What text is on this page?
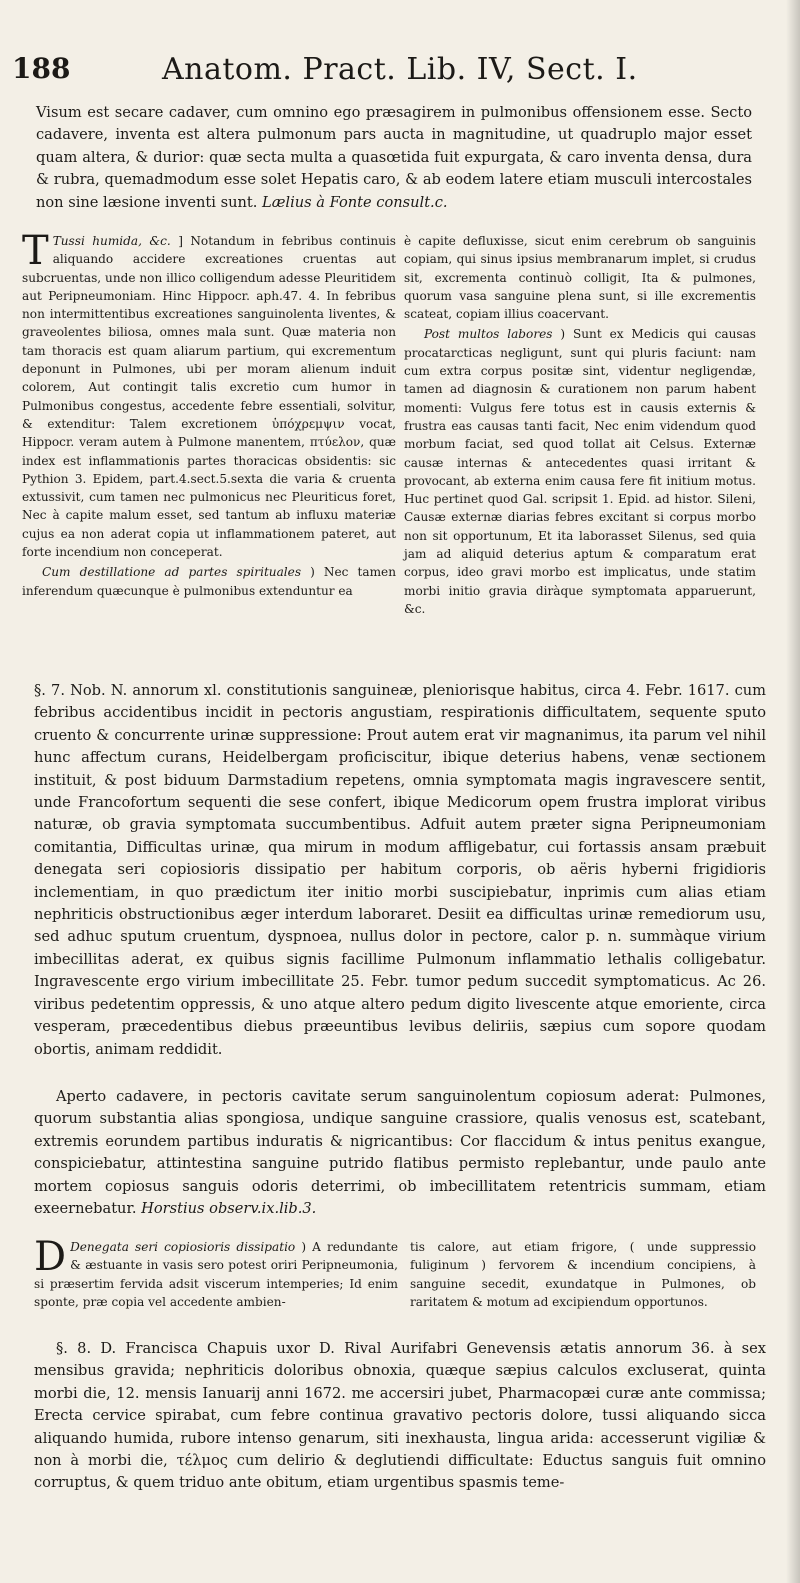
188	Anatom. Pract. Lib. IV, Sect. I.
Visum est secare cadaver, cum omnino ego præsagirem in pulmonibus offensionem esse. Secto cadavere, inventa est altera pulmonum pars aucta in magnitudine, ut quadruplo major esset quam altera, & durior: quæ secta multa a quasœtida fuit expurgata, & caro inventa densa, dura & rubra, quemadmodum esse solet Hepatis caro, & ab eodem latere etiam musculi intercostales non sine læsione inventi sunt. Lælius à Fonte consult.c.

T Tussi humida, &c. ] Notandum in febribus continuis aliquando accidere excreationes cruentas aut subcruentas, unde non illico colligendum adesse Pleuritidem aut Peripneumoniam. Hinc Hippocr. aph.47. 4. In febribus non intermittentibus excreationes sanguinolenta liventes, & graveolentes biliosa, omnes mala sunt. Quæ materia non tam thoracis est quam aliarum partium, qui excrementum deponunt in Pulmones, ubi per moram alienum induit colorem, Aut contingit talis excretio cum humor in Pulmonibus congestus, accedente febre essentiali, solvitur, & extenditur: Talem excretionem ὑπόχρεμψιν vocat, Hippocr. veram autem à Pulmone manentem, πτύελον, quæ index est inflammationis partes thoracicas obsidentis: sic Pythion 3. Epidem, part.4.sect.5.sexta die varia & cruenta extussivit, cum tamen nec pulmonicus nec Pleuriticus foret, Nec à capite malum esset, sed tantum ab influxu materiæ cujus ea non aderat copia ut inflammationem pateret, aut forte incendium non conceperat.

Cum destillatione ad partes spirituales ) Nec tamen inferendum quæcunque è pulmonibus extenduntur ea

è capite defluxisse, sicut enim cerebrum ob sanguinis copiam, qui sinus ipsius membranarum implet, si crudus sit, excrementa continuò colligit, Ita & pulmones, quorum vasa sanguine plena sunt, si ille excrementis scateat, copiam illius coacervant.

Post multos labores ) Sunt ex Medicis qui causas procatarcticas negligunt, sunt qui pluris faciunt: nam cum extra corpus positæ sint, videntur negligendæ, tamen ad diagnosin & curationem non parum habent momenti: Vulgus fere totus est in causis externis & frustra eas causas tanti facit, Nec enim videndum quod morbum faciat, sed quod tollat ait Celsus. Externæ causæ internas & antecedentes quasi irritant & provocant, ab externa enim causa fere fit initium motus. Huc pertinet quod Gal. scripsit 1. Epid. ad histor. Sileni, Causæ externæ diarias febres excitant si corpus morbo non sit opportunum, Et ita laborasset Silenus, sed quia jam ad aliquid deterius aptum & comparatum erat corpus, ideo gravi morbo est implicatus, unde statim morbi initio gravia diràque symptomata apparuerunt, &c.

§. 7. Nob. N. annorum xl. constitutionis sanguineæ, pleniorisque habitus, circa 4. Febr. 1617. cum febribus accidentibus incidit in pectoris angustiam, respirationis difficultatem, sequente sputo cruento & concurrente urinæ suppressione: Prout autem erat vir magnanimus, ita parum vel nihil hunc affectum curans, Heidelbergam proficiscitur, ibique deterius habens, venæ sectionem instituit, & post biduum Darmstadium repetens, omnia symptomata magis ingravescere sentit, unde Francofortum sequenti die sese confert, ibique Medicorum opem frustra implorat viribus naturæ, ob gravia symptomata succumbentibus. Adfuit autem præter signa Peripneumoniam comitantia, Difficultas urinæ, qua mirum in modum affligebatur, cui fortassis ansam præbuit denegata seri copiosioris dissipatio per habitum corporis, ob aëris hyberni frigidioris inclementiam, in quo prædictum iter initio morbi suscipiebatur, inprimis cum alias etiam nephriticis obstructionibus æger interdum laboraret. Desiit ea difficultas urinæ remediorum usu, sed adhuc sputum cruentum, dyspnoea, nullus dolor in pectore, calor p. n. summàque virium imbecillitas aderat, ex quibus signis facillime Pulmonum inflammatio lethalis colligebatur. Ingravescente ergo virium imbecillitate 25. Febr. tumor pedum succedit symptomaticus. Ac 26. viribus pedetentim oppressis, & uno atque altero pedum digito livescente atque emoriente, circa vesperam, præcedentibus diebus præeuntibus levibus deliriis, sæpius cum sopore quodam obortis, animam reddidit.
Aperto cadavere, in pectoris cavitate serum sanguinolentum copiosum aderat: Pulmones, quorum substantia alias spongiosa, undique sanguine crassiore, qualis venosus est, scatebant, extremis eorundem partibus induratis & nigricantibus: Cor flaccidum & intus penitus exangue, conspiciebatur, attintestina sanguine putrido flatibus permisto replebantur, unde paulo ante mortem copiosus sanguis odoris deterrimi, ob imbecillitatem retentricis summam, etiam exeernebatur. Horstius observ.ix.lib.3.

D Denegata seri copiosioris dissipatio ) A redundante & æstuante in vasis sero potest oriri Peripneumonia, si præsertim fervida adsit viscerum intemperies; Id enim sponte, præ copia vel accedente ambien-

tis calore, aut etiam frigore, ( unde suppressio fuliginum ) fervorem & incendium concipiens, à sanguine secedit, exundatque in Pulmones, ob raritatem & motum ad excipiendum opportunos.

§. 8. D. Francisca Chapuis uxor D. Rival Aurifabri Genevensis ætatis annorum 36. à sex mensibus gravida; nephriticis doloribus obnoxia, quæque sæpius calculos excluserat, quinta morbi die, 12. mensis Ianuarij anni 1672. me accersiri jubet, Pharmacopæi curæ ante commissa; Erecta cervice spirabat, cum febre continua gravativo pectoris dolore, tussi aliquando sicca aliquando humida, rubore intenso genarum, siti inexhausta, lingua arida: accesserunt vigiliæ & non à morbi die, τέλμος cum delirio & deglutiendi difficultate: Eductus sanguis fuit omnino corruptus, & quem triduo ante obitum, etiam urgentibus spasmis teme-
